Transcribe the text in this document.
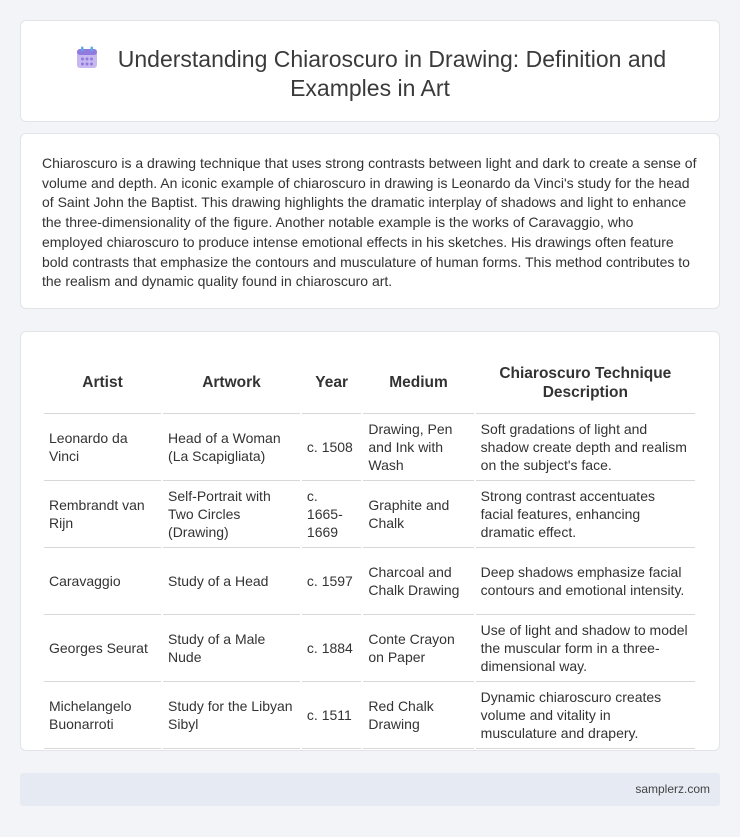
Understanding Chiaroscuro in Drawing: Definition and Examples in Art

Chiaroscuro is a drawing technique that uses strong contrasts between light and dark to create a sense of volume and depth. An iconic example of chiaroscuro in drawing is Leonardo da Vinci's study for the head of Saint John the Baptist. This drawing highlights the dramatic interplay of shadows and light to enhance the three-dimensionality of the figure. Another notable example is the works of Caravaggio, who employed chiaroscuro to produce intense emotional effects in his sketches. His drawings often feature bold contrasts that emphasize the contours and musculature of human forms. This method contributes to the realism and dynamic quality found in chiaroscuro art.

Artist	Artwork	Year	Medium	Chiaroscuro Technique Description
Leonardo da Vinci	Head of a Woman (La Scapigliata)	c. 1508	Drawing, Pen and Ink with Wash	Soft gradations of light and shadow create depth and realism on the subject's face.
Rembrandt van Rijn	Self-Portrait with Two Circles (Drawing)	c. 1665-1669	Graphite and Chalk	Strong contrast accentuates facial features, enhancing dramatic effect.
Caravaggio	Study of a Head	c. 1597	Charcoal and Chalk Drawing	Deep shadows emphasize facial contours and emotional intensity.
Georges Seurat	Study of a Male Nude	c. 1884	Conte Crayon on Paper	Use of light and shadow to model the muscular form in a three-dimensional way.
Michelangelo Buonarroti	Study for the Libyan Sibyl	c. 1511	Red Chalk Drawing	Dynamic chiaroscuro creates volume and vitality in musculature and drapery.
samplerz.com
